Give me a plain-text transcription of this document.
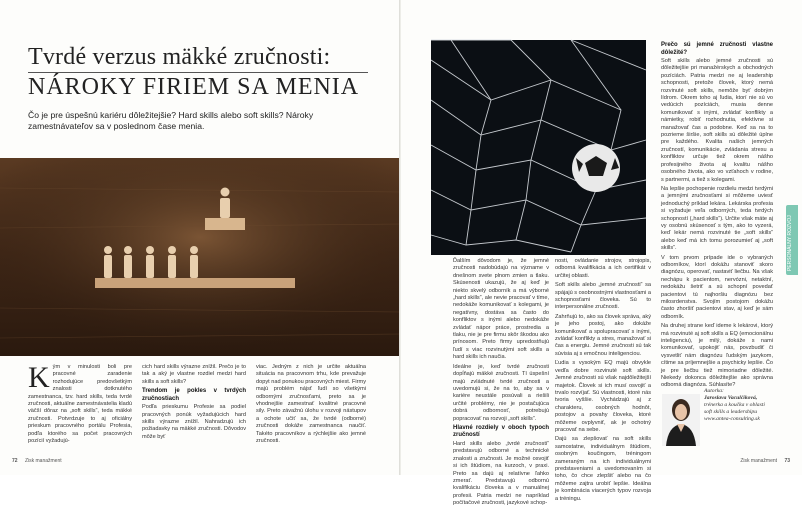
Tvrdé verzus mäkké zručnosti:
NÁROKY FIRIEM SA MENIA
Čo je pre úspešnú kariéru dôležitejšie? Hard skills alebo soft skills? Nároky zamestnávateľov sa v poslednom čase menia.
K ým v minulosti boli pre pracovné zaradenie rozhodujúce predovšetkým znalosti dotknutého zamestnanca, tzv. hard skills, teda tvrdé zručnosti, aktuálne zamestnávatelia kladú väčší dôraz na „soft skills“, teda mäkké zručnosti. Potvrdzuje to aj oficiálny prieskum pracovného portálu Profesia, podľa ktorého sa počet pracovných pozícií vyžadujú-

cich hard skills výrazne znížil. Prečo je to tak a aký je vlastne rozdiel medzi hard skills a soft skills?

Trendom je pokles v tvrdých zručnostiach

Podľa prieskumu Profesie sa podiel pracovných ponúk vyžadujúcich hard skills výrazne znížil. Nahradzujú ich požiadavky na mäkké zručnosti. Dôvodov môže byť

viac. Jedným z nich je určite aktuálna situácia na pracovnom trhu, kde prevažuje dopyt nad ponukou pracovných miest. Firmy majú problém nájsť ľudí so všetkými odbornými zručnosťami, preto sa je vhodnejšie zamestnať kvalitné pracovné sily. Preto závažnú úlohu v rozvoji nástupov a ochote učiť sa, že tvrdé (odborné) zručnosti dokáže zamestnanca naučiť. Takéto pracovníkov a rýchlejšie ako jemné zručnosti.

72 Zisk manažment

Ďalším dôvodom je, že jemné zručnosti nadobúdajú na význame v dnešnom svete plnom zmien a tlaku. Skúsenosti ukazujú, že aj keď je niekto skvelý odborník a má výborné „hard skills“, ale nevie pracovať v tíme, nedokáže komunikovať s kolegami, je negatívny, dostáva sa často do konfliktov s inými alebo nedokáže zvládať nápor práce, prostredia a tlaku, nie je pre firmu skôr škodou ako prínosom. Preto firmy upredostňujú ľudí s viac rozvinutými soft skills a hard skills ich naučia.

Ideálne je, keď tvrdé zručnosti dopĺňajú mäkké zručnosti. Tí úspešní majú zvládnuté tvrdé zručnosti a uvedomujú si, že na to, aby sa v kariére neustále posúvali a riešili určité problémy, nie je postačujúca dobrá odbornosť, potrebujú popracovať na rozvoji „soft skills“.

Hlavné rozdiely v oboch typoch zručností

Hard skills alebo „tvrdé zručnosti“ predstavujú odborné a technické znalosti a zručnosti. Je možné osvojiť si ich štúdiom, na kurzoch, v praxi. Preto sa dajú aj relatívne ľahko zmerať. Predstavujú odbornú kvalifikáciu človeka a v manuálnej profesii. Patria medzi ne napríklad počítačové zručnosti, jazykové schop-

nosti, ovládanie strojov, strojopis, odborná kvalifikácia a ich certifikát v určitej oblasti.

Soft skills alebo „jemné zručnosti“ sa spájajú s osobnostnými vlastnosťami a schopnosťami človeka. Sú to interpersonálne zručnosti.

Zahrňujú to, ako sa človek správa, aký je jeho postoj, ako dokáže komunikovať a spolupracovať s inými, zvládať konflikty a stres, manažovať si čas a energiu. Jemné zručnosti sú tak súvisia aj s emočnou inteligenciou.

Ľudia s vysokým EQ majú obvykle vedľa dobre rozvinuté soft skills. Jemné zručnosti sú však najdôležitejší majetok. Človek si ich musí osvojiť a trvalo rozvíjať. Sú vlastnosti, ktoré nás tvoria vyššie. Vychádzajú aj z charakteru, osobných hodnôt, postojov a povahy človeka, ktoré môžeme ovplyvniť, ak je ochotný pracovať na sebe.

Dajú sa zlepšovať na soft skills samostatne, individuálnym štúdiom, osobným koučingom, tréningom zameraným na ich individuálnymi predstaveniami a uvedomovaním si toho, čo chce zlepšiť alebo na čo môžeme zajtra urobiť lepšie. Ideálna je kombinácia viacerých typov rozvoja a tréningu.

Prečo sú jemné zručnosti vlastne dôležité?

Soft skills alebo jemné zručnosti sú dôležitejšie pri manažérskych a obchodných pozíciách. Patria medzi ne aj leadership schopnosti, pretože človek, ktorý nemá rozvinuté soft skills, nemôže byť dobrým lídrom. Okrem toho aj ľudia, ktorí nie sú vo vedúcich pozíciách, musia denne komunikovať s inými, zvládať konflikty a námietky, robiť rozhodnutia, efektívne si manažovať čas a podobne. Keď sa na to pozrieme širšie, soft skills sú dôležité úplne pre každého. Kvalita našich jemných zručností, komunikácie, zvládania stresu a konfliktov určuje tiež okrem nášho profesijného života aj kvalitu nášho osobného života, ako vo vzťahoch v rodine, s partnermi, a tiež s kolegami.

Na lepšie pochopenie rozdielu medzi tvrdými a jemnými zručnosťami si môžeme uviesť jednoduchý príklad lekára. Lekárska profesia si vyžaduje veľa odborných, teda tvrdých schopností („hard skills“). Určite však máte aj vy osobnú skúsenosť s tým, ako to vyzerá, keď lekár nemá rozvinuté tie „soft skills“ alebo keď má ich tomu porozumieť aj „soft skills“.

V tom prvom prípade ide o vybraných odborníkov, ktorí dokážu stanoviť skoro diagnózu, operovať, nastaviť liečbu. Na však nechápu k pacientom, nervózni, netaktní, nedokážu šetriť a sú schopní povedať pacientovi tú najhoršiu diagnózu bez milosrdenstva. Svojím postojom dokážu často zhoršiť pacientovi stav, aj keď je sám odborník.

Na druhej strane keď ideme k lekárovi, ktorý má rozvinuté aj soft skills a EQ (emocionálnu inteligenciu), je milý, dokáže s nami komunikovať, upokojiť nás, povzbudiť či vysvetliť nám diagnózu ľudským jazykom, cítime sa príjemnejšie a psychicky lepšie. Čo je pre liečbu tiež mimoriadne dôležité. Niekedy dokonca dôležitejšie ako správna odborná diagnóza. Súhlasíte?

PERSONÁLNY ROZVOJ
Autorka:
Jaroslava Vaculčíková,
trénerka a koučka v oblasti soft skills a leadershipu
www.antea-consulting.sk
Zisk manažment 73
